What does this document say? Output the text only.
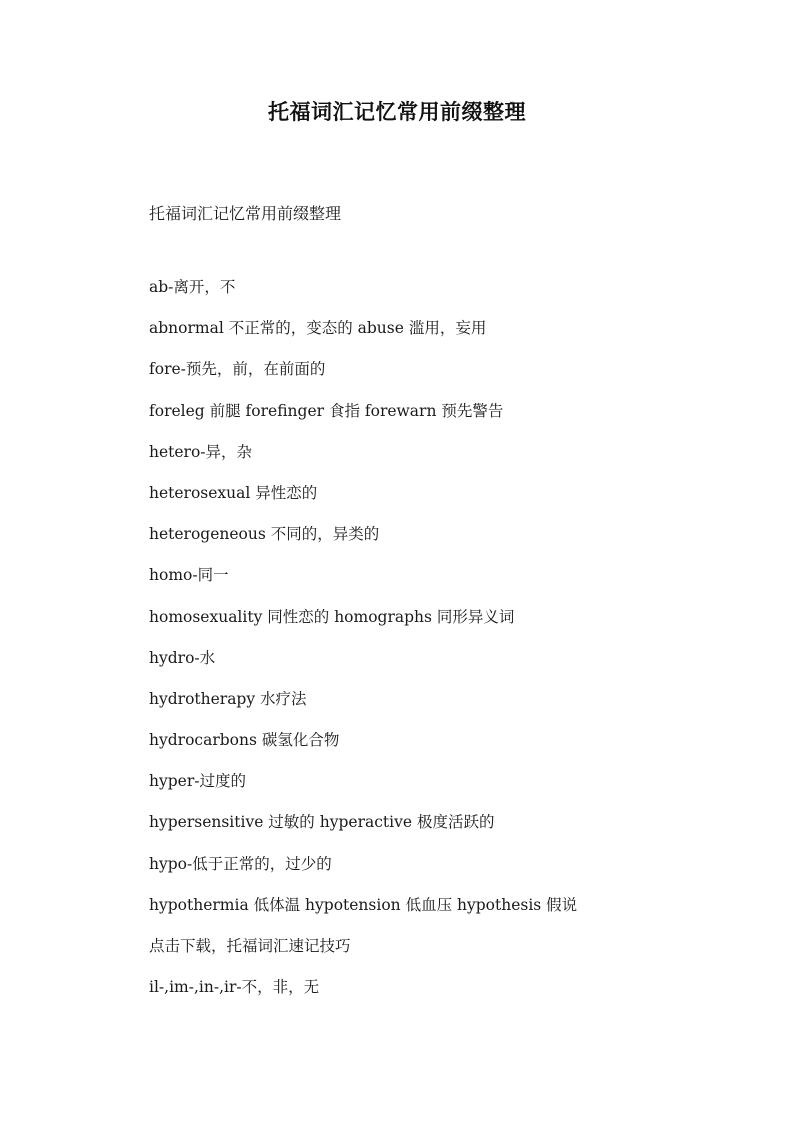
托福词汇记忆常用前缀整理

托福词汇记忆常用前缀整理

ab-离开，不
abnormal 不正常的，变态的 abuse 滥用，妄用
fore-预先，前，在前面的
foreleg 前腿 forefinger 食指 forewarn 预先警告
hetero-异，杂
heterosexual 异性恋的
heterogeneous 不同的，异类的
homo-同一
homosexuality 同性恋的 homographs 同形异义词
hydro-水
hydrotherapy 水疗法
hydrocarbons 碳氢化合物
hyper-过度的
hypersensitive 过敏的 hyperactive 极度活跃的
hypo-低于正常的，过少的
hypothermia 低体温 hypotension 低血压 hypothesis 假说
点击下载，托福词汇速记技巧
il-,im-,in-,ir-不，非，无
